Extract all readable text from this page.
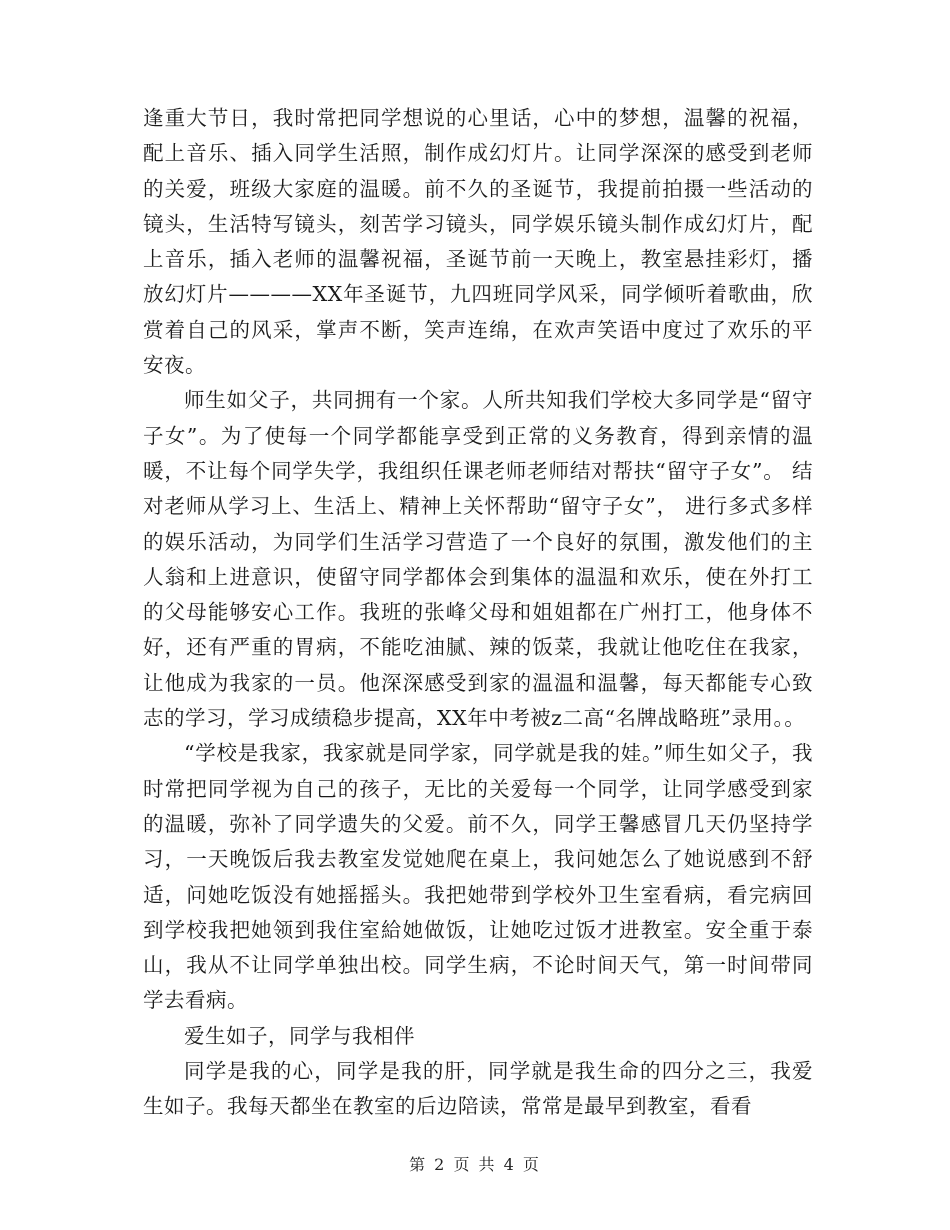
逢重大节日，我时常把同学想说的心里话，心中的梦想，温馨的祝福，配上音乐、插入同学生活照，制作成幻灯片。让同学深深的感受到老师的关爱，班级大家庭的温暖。前不久的圣诞节，我提前拍摄一些活动的镜头，生活特写镜头，刻苦学习镜头，同学娱乐镜头制作成幻灯片，配上音乐，插入老师的温馨祝福，圣诞节前一天晚上，教室悬挂彩灯，播放幻灯片————XX年圣诞节，九四班同学风采，同学倾听着歌曲，欣赏着自己的风采，掌声不断，笑声连绵，在欢声笑语中度过了欢乐的平安夜。

师生如父子，共同拥有一个家。人所共知我们学校大多同学是“留守子女”。为了使每一个同学都能享受到正常的义务教育，得到亲情的温暖，不让每个同学失学，我组织任课老师老师结对帮扶“留守子女”。 结对老师从学习上、生活上、精神上关怀帮助“留守子女”， 进行多式多样的娱乐活动，为同学们生活学习营造了一个良好的氛围，激发他们的主人翁和上进意识，使留守同学都体会到集体的温温和欢乐，使在外打工的父母能够安心工作。我班的张峰父母和姐姐都在广州打工，他身体不好，还有严重的胃病，不能吃油腻、辣的饭菜，我就让他吃住在我家，让他成为我家的一员。他深深感受到家的温温和温馨，每天都能专心致志的学习，学习成绩稳步提高，XX年中考被z二高“名牌战略班”录用。。

“学校是我家，我家就是同学家，同学就是我的娃。”师生如父子，我时常把同学视为自己的孩子，无比的关爱每一个同学，让同学感受到家的温暖，弥补了同学遗失的父爱。前不久，同学王馨感冒几天仍坚持学习，一天晚饭后我去教室发觉她爬在桌上，我问她怎么了她说感到不舒适，问她吃饭没有她摇摇头。我把她带到学校外卫生室看病，看完病回到学校我把她领到我住室給她做饭，让她吃过饭才进教室。安全重于泰山，我从不让同学单独出校。同学生病，不论时间天气，第一时间带同学去看病。

爱生如子，同学与我相伴

同学是我的心，同学是我的肝，同学就是我生命的四分之三，我爱生如子。我每天都坐在教室的后边陪读，常常是最早到教室，看看

第 2 页 共 4 页
